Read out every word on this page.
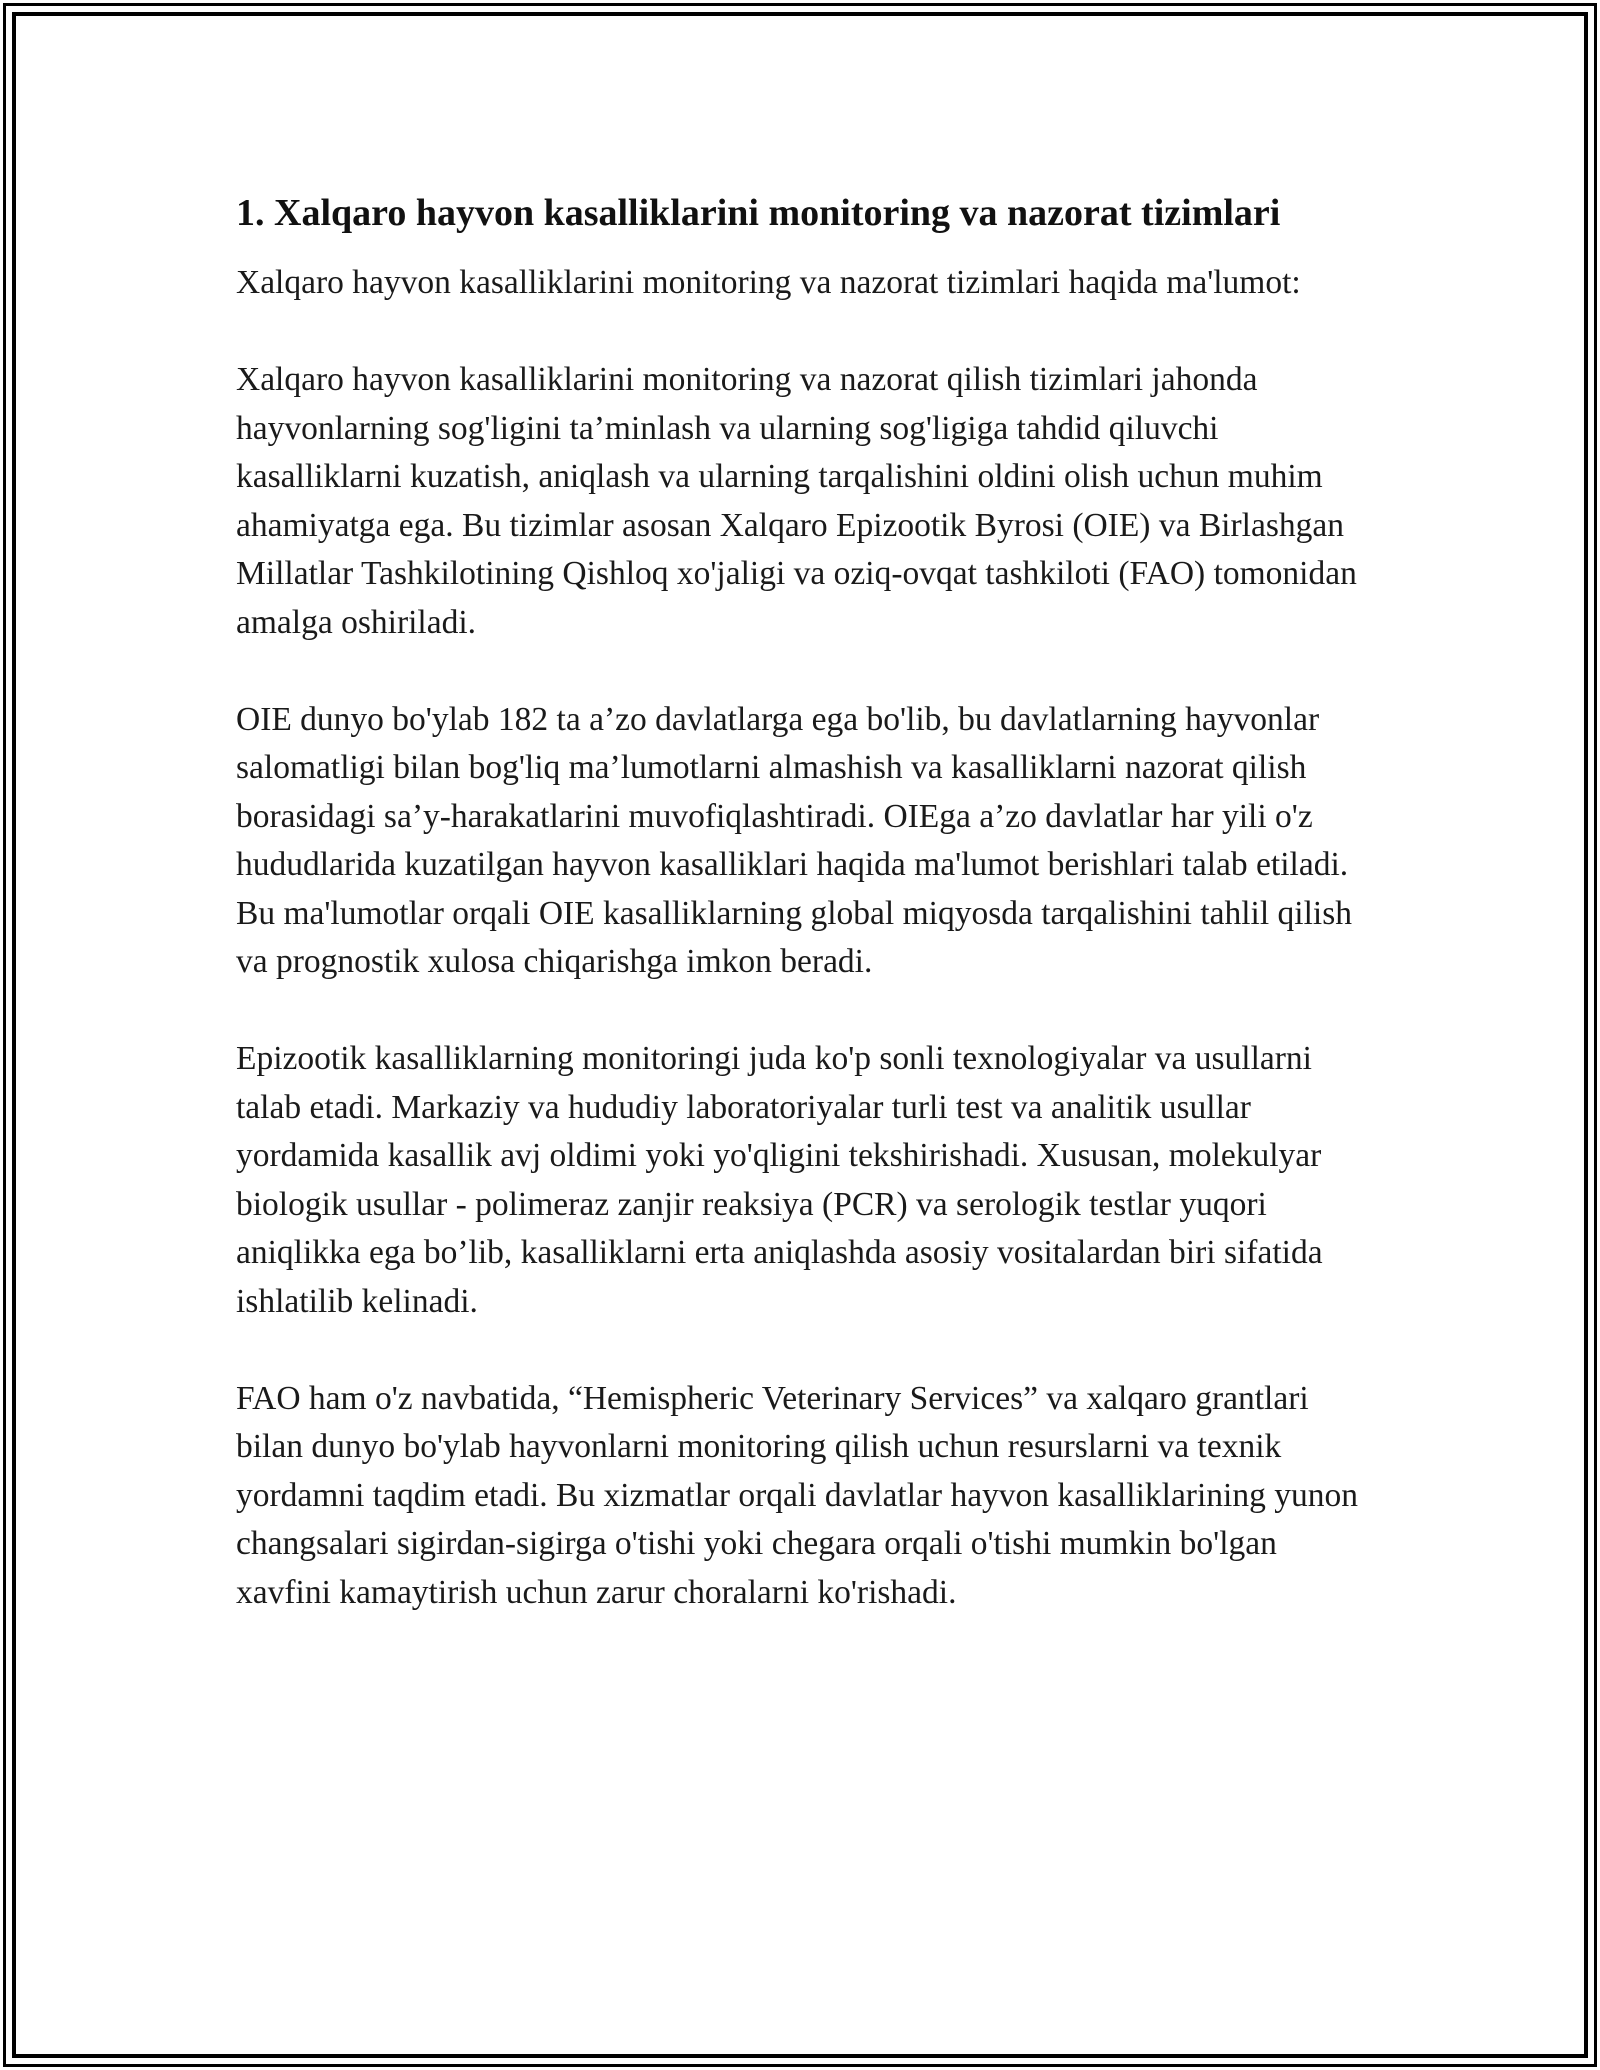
1. Xalqaro hayvon kasalliklarini monitoring va nazorat tizimlari

Xalqaro hayvon kasalliklarini monitoring va nazorat tizimlari haqida ma'lumot:

Xalqaro hayvon kasalliklarini monitoring va nazorat qilish tizimlari jahonda hayvonlarning sog'ligini ta’minlash va ularning sog'ligiga tahdid qiluvchi kasalliklarni kuzatish, aniqlash va ularning tarqalishini oldini olish uchun muhim ahamiyatga ega. Bu tizimlar asosan Xalqaro Epizootik Byrosi (OIE) va Birlashgan Millatlar Tashkilotining Qishloq xo'jaligi va oziq-ovqat tashkiloti (FAO) tomonidan amalga oshiriladi.

OIE dunyo bo'ylab 182 ta a’zo davlatlarga ega bo'lib, bu davlatlarning hayvonlar salomatligi bilan bog'liq ma’lumotlarni almashish va kasalliklarni nazorat qilish borasidagi sa’y-harakatlarini muvofiqlashtiradi. OIEga a’zo davlatlar har yili o'z hududlarida kuzatilgan hayvon kasalliklari haqida ma'lumot berishlari talab etiladi. Bu ma'lumotlar orqali OIE kasalliklarning global miqyosda tarqalishini tahlil qilish va prognostik xulosa chiqarishga imkon beradi.

Epizootik kasalliklarning monitoringi juda ko'p sonli texnologiyalar va usullarni talab etadi. Markaziy va hududiy laboratoriyalar turli test va analitik usullar yordamida kasallik avj oldimi yoki yo'qligini tekshirishadi. Xususan, molekulyar biologik usullar - polimeraz zanjir reaksiya (PCR) va serologik testlar yuqori aniqlikka ega bo’lib, kasalliklarni erta aniqlashda asosiy vositalardan biri sifatida ishlatilib kelinadi.

FAO ham o'z navbatida, “Hemispheric Veterinary Services” va xalqaro grantlari bilan dunyo bo'ylab hayvonlarni monitoring qilish uchun resurslarni va texnik yordamni taqdim etadi. Bu xizmatlar orqali davlatlar hayvon kasalliklarining yunon changsalari sigirdan-sigirga o'tishi yoki chegara orqali o'tishi mumkin bo'lgan xavfini kamaytirish uchun zarur choralarni ko'rishadi.
